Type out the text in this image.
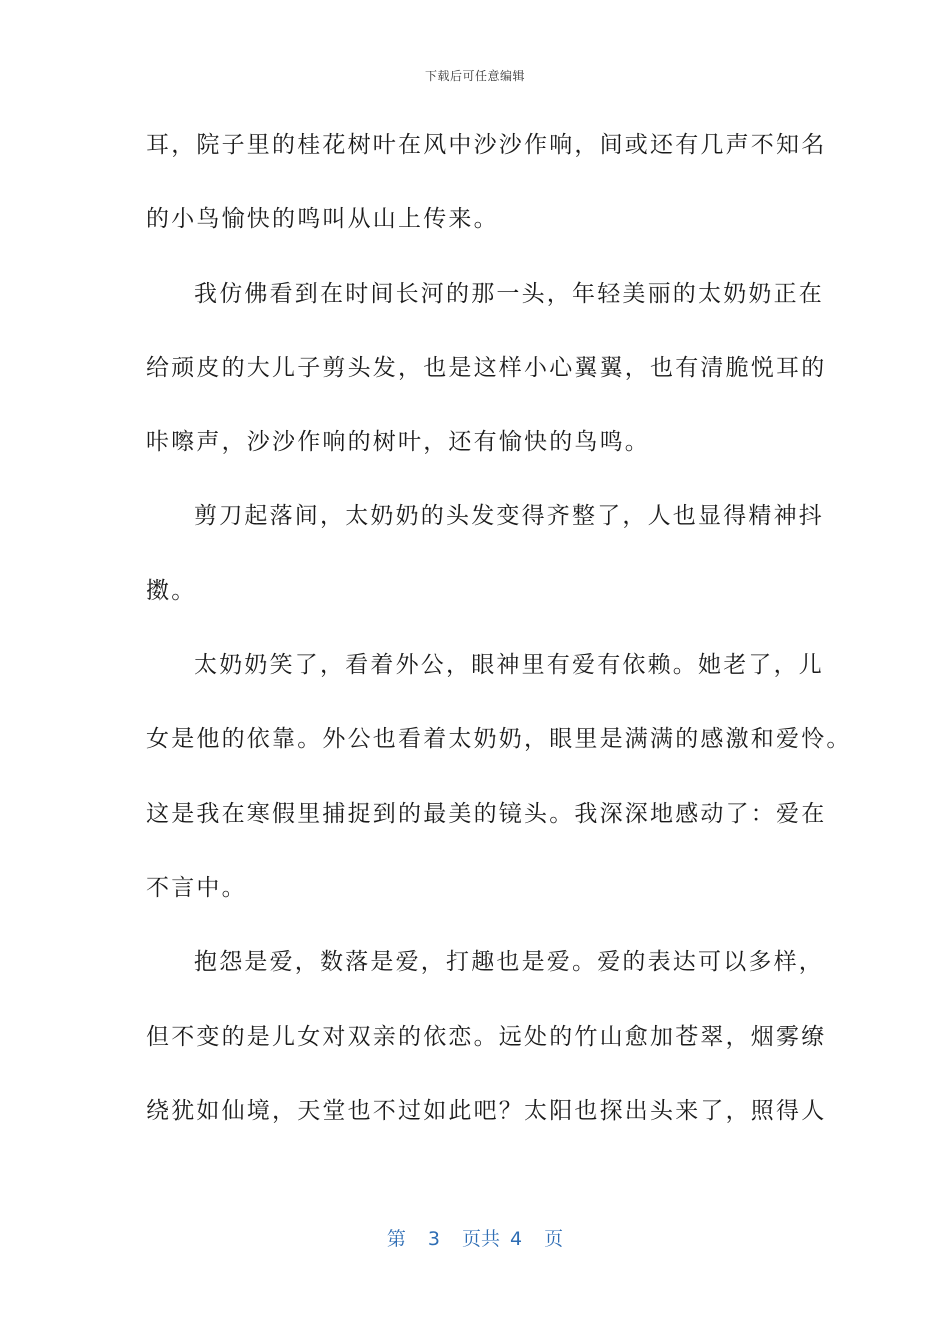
下载后可任意编辑
耳，院子里的桂花树叶在风中沙沙作响，间或还有几声不知名
的小鸟愉快的鸣叫从山上传来。
我仿佛看到在时间长河的那一头，年轻美丽的太奶奶正在
给顽皮的大儿子剪头发，也是这样小心翼翼，也有清脆悦耳的
咔嚓声，沙沙作响的树叶，还有愉快的鸟鸣。
剪刀起落间，太奶奶的头发变得齐整了，人也显得精神抖
擞。
太奶奶笑了，看着外公，眼神里有爱有依赖。她老了，儿
女是他的依靠。外公也看着太奶奶，眼里是满满的感激和爱怜。
这是我在寒假里捕捉到的最美的镜头。我深深地感动了：爱在
不言中。
抱怨是爱，数落是爱，打趣也是爱。爱的表达可以多样，
但不变的是儿女对双亲的依恋。远处的竹山愈加苍翠，烟雾缭
绕犹如仙境，天堂也不过如此吧？太阳也探出头来了，照得人
第 3 页共 4 页
